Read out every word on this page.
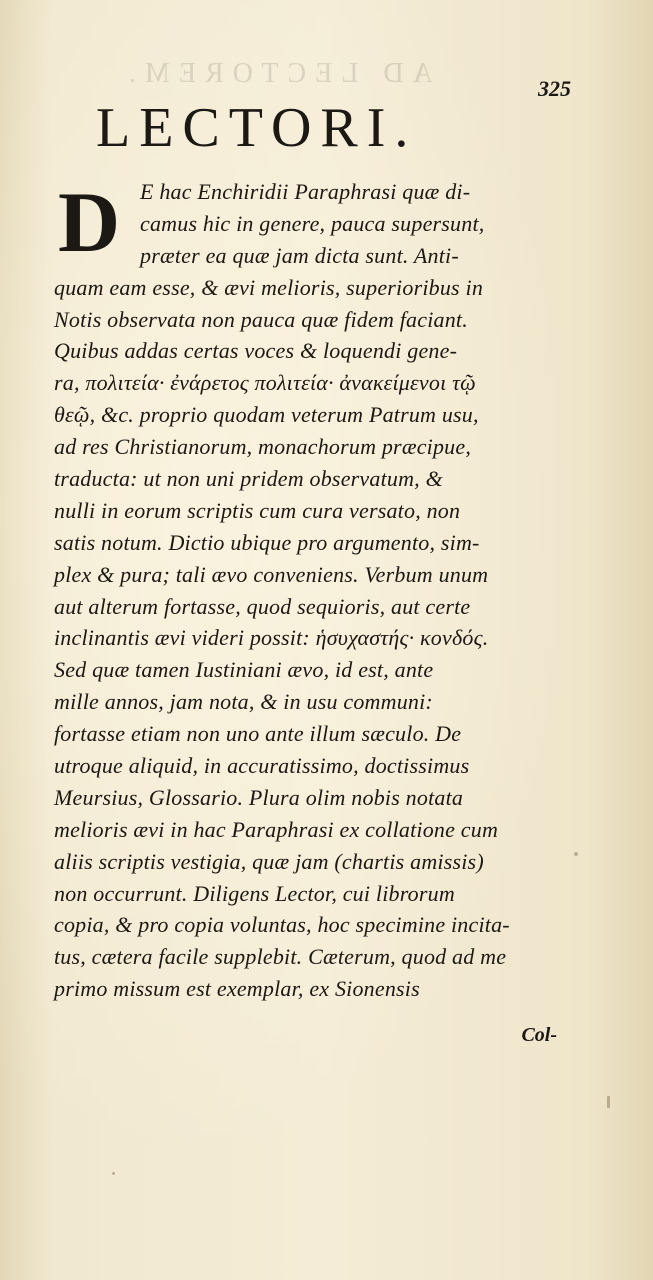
AD LECTOREM.	325
LECTORI.
D E hac Enchiridii Paraphrasi quæ di-
camus hic in genere, pauca supersunt,
præter ea quæ jam dicta sunt. Anti-
quam eam esse, & ævi melioris, superioribus in
Notis observata non pauca quæ fidem faciant.
Quibus addas certas voces & loquendi gene-
ra, πολιτεία· ἐνάρετος πολιτεία· ἀνακείμενοι τῷ
θεῷ, &c. proprio quodam veterum Patrum usu,
ad res Christianorum, monachorum præcipue,
traducta: ut non uni pridem observatum, &
nulli in eorum scriptis cum cura versato, non
satis notum. Dictio ubique pro argumento, sim-
plex & pura; tali ævo conveniens. Verbum unum
aut alterum fortasse, quod sequioris, aut certe
inclinantis ævi videri possit: ἡσυχαστής· κονδός.
Sed quæ tamen Iustiniani ævo, id est, ante
mille annos, jam nota, & in usu communi:
fortasse etiam non uno ante illum sæculo. De
utroque aliquid, in accuratissimo, doctissimus
Meursius, Glossario. Plura olim nobis notata
melioris ævi in hac Paraphrasi ex collatione cum
aliis scriptis vestigia, quæ jam (chartis amissis)
non occurrunt. Diligens Lector, cui librorum
copia, & pro copia voluntas, hoc specimine incita-
tus, cætera facile supplebit. Cæterum, quod ad me
primo missum est exemplar, ex Sionensis
Col-
